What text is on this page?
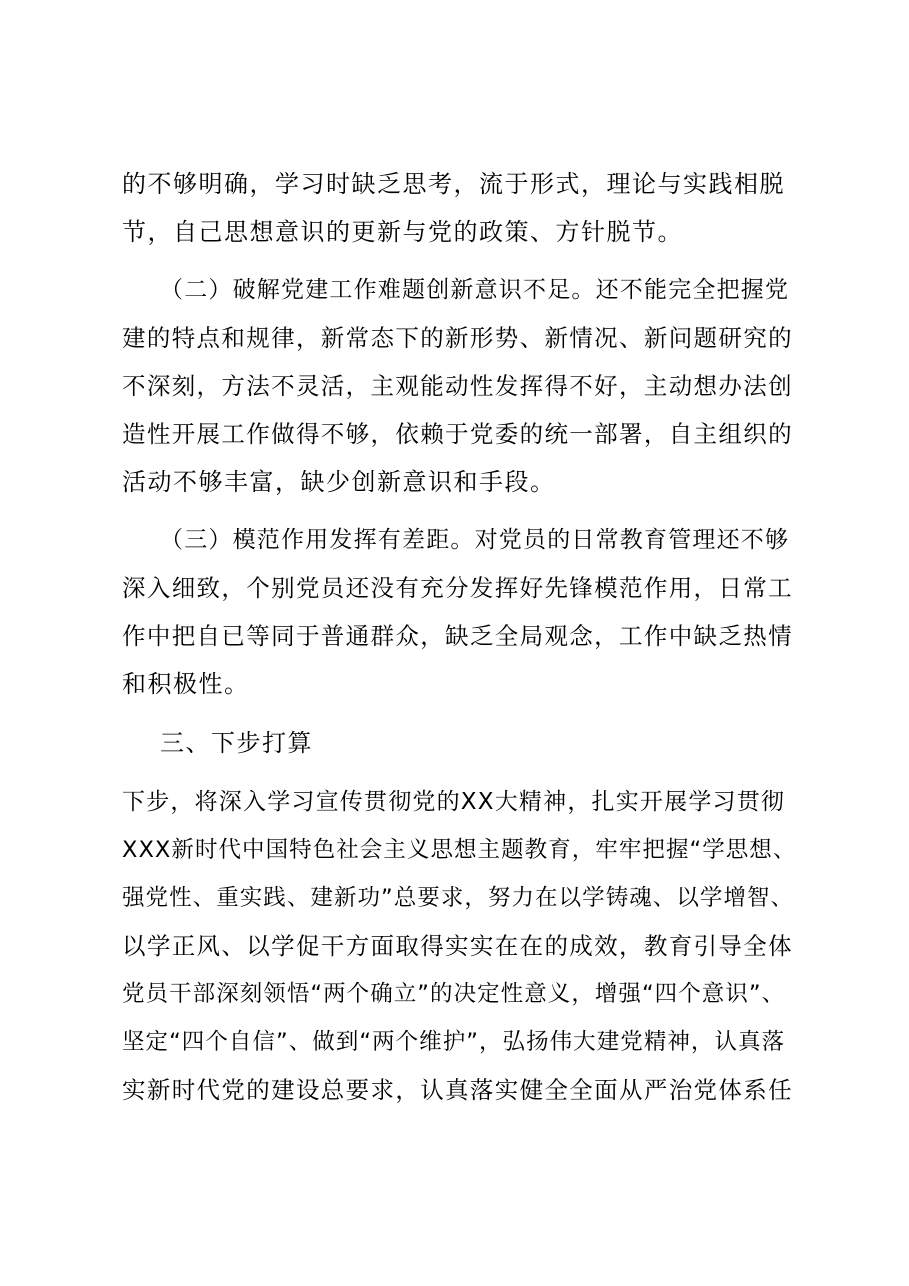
的不够明确，学习时缺乏思考，流于形式，理论与实践相脱
节，自己思想意识的更新与党的政策、方针脱节。
（二）破解党建工作难题创新意识不足。还不能完全把握党
建的特点和规律，新常态下的新形势、新情况、新问题研究的
不深刻，方法不灵活，主观能动性发挥得不好，主动想办法创
造性开展工作做得不够，依赖于党委的统一部署，自主组织的
活动不够丰富，缺少创新意识和手段。
（三）模范作用发挥有差距。对党员的日常教育管理还不够
深入细致，个别党员还没有充分发挥好先锋模范作用，日常工
作中把自已等同于普通群众，缺乏全局观念，工作中缺乏热情
和积极性。
三、下步打算
下步，将深入学习宣传贯彻党的XX大精神，扎实开展学习贯彻
XXX新时代中国特色社会主义思想主题教育，牢牢把握“学思想、
强党性、重实践、建新功”总要求，努力在以学铸魂、以学增智、
以学正风、以学促干方面取得实实在在的成效，教育引导全体
党员干部深刻领悟“两个确立”的决定性意义，增强“四个意识”、
坚定“四个自信”、做到“两个维护”，弘扬伟大建党精神，认真落
实新时代党的建设总要求，认真落实健全全面从严治党体系任
